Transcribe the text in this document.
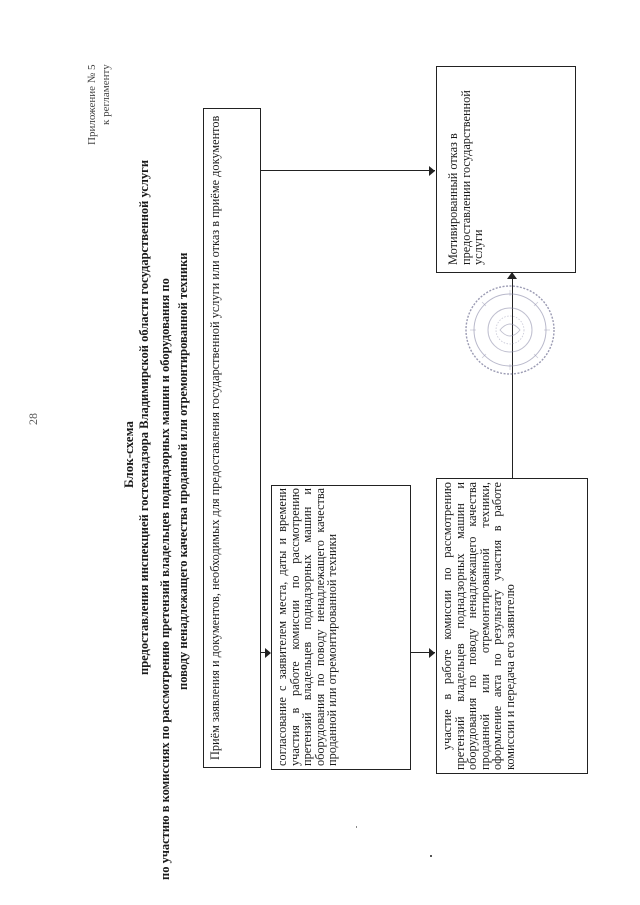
28
Приложение № 5 к регламенту
Блок-схема предоставления инспекцией гостехнадзора Владимирской области государственной услуги по участию в комиссиях по рассмотрению претензий владельцев поднадзорных машин и оборудования по поводу ненадлежащего качества проданной или отремонтированной техники Приём заявления и документов, необходимых для предоставления государственной услуги или отказ в приёме документов	согласование с заявителем места, даты и времени участия в работе комиссии по рассмотрению претензий владельцев поднадзорных машин и оборудования по поводу ненадлежащего качества проданной или отремонтированной техники	участие в работе комиссии по рассмотрению претензий владельцев поднадзорных машин и оборудования по поводу ненадлежащего качества проданной или отремонтированной техники, оформление акта по результату участия в работе комиссии и передача его заявителю
Мотивированный отказ в предоставлении государственной услуги
